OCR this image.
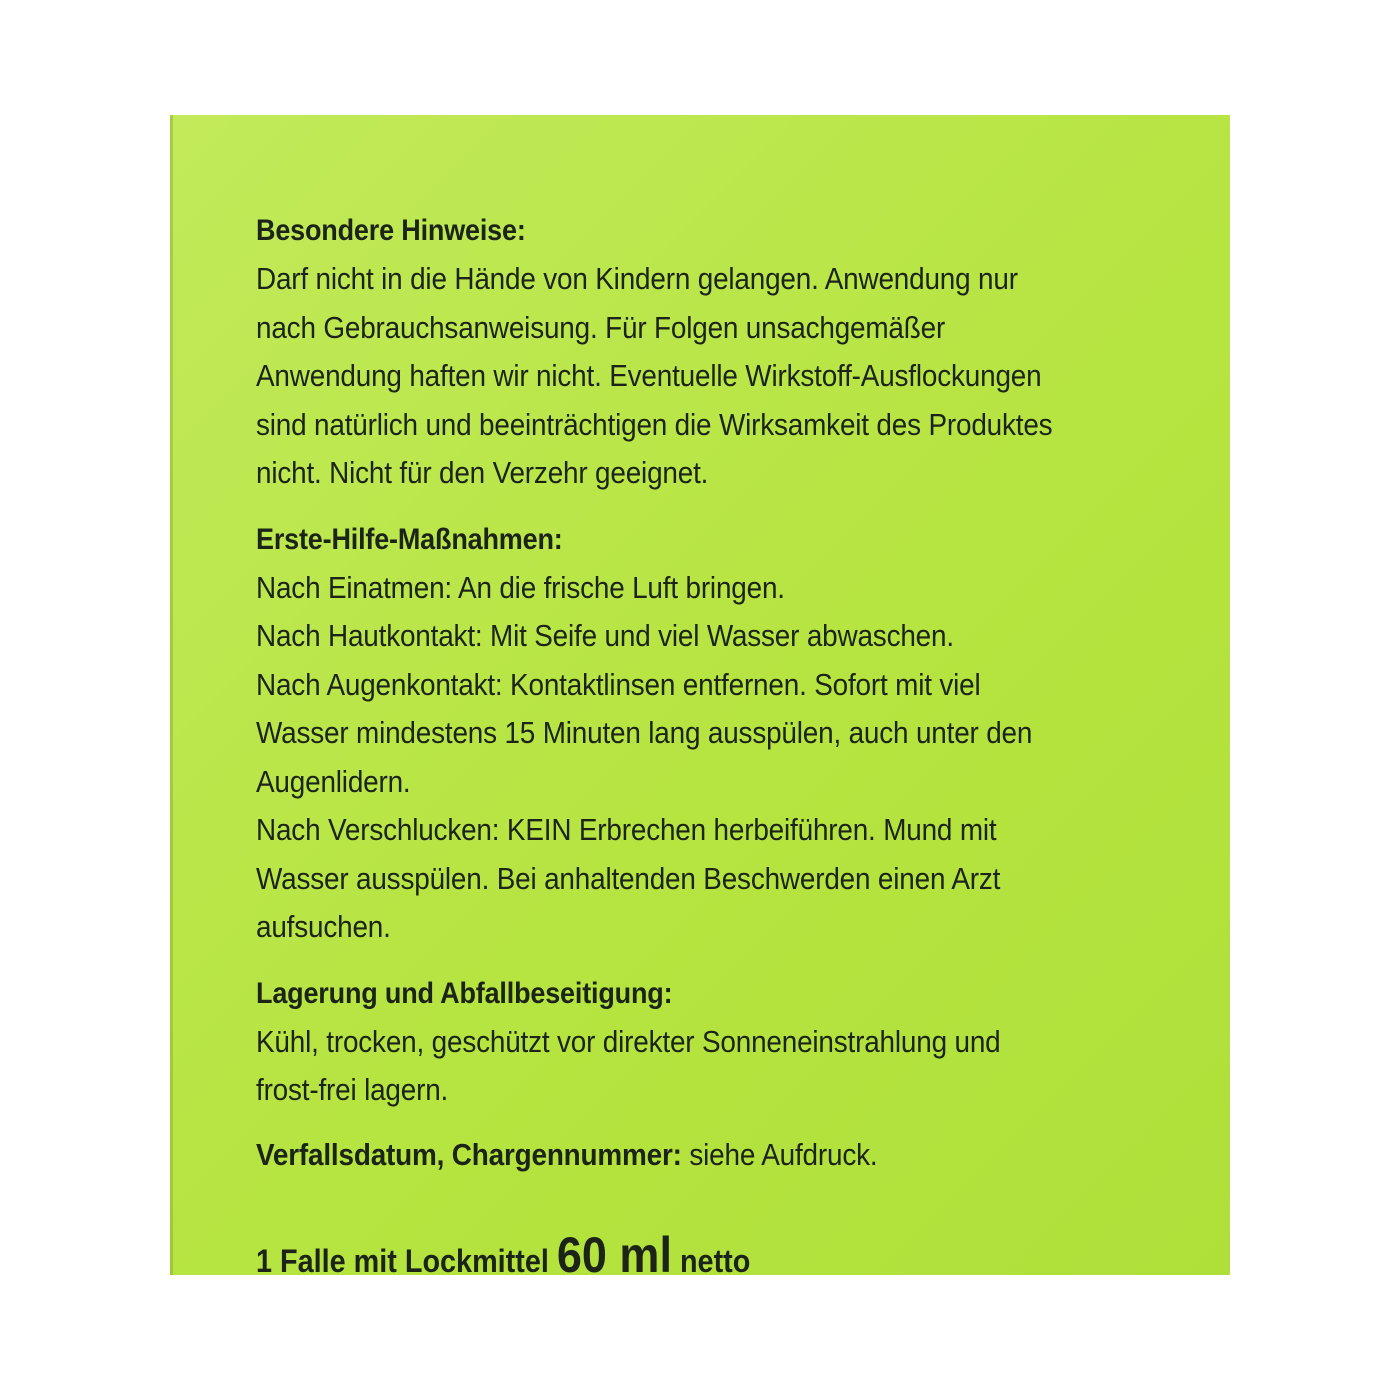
Besondere Hinweise:

Darf nicht in die Hände von Kindern gelangen. Anwendung nur nach Gebrauchsanweisung. Für Folgen unsachgemäßer Anwendung haften wir nicht. Eventuelle Wirkstoff-Ausflockungen sind natürlich und beeinträchtigen die Wirksamkeit des Produktes nicht. Nicht für den Verzehr geeignet.

Erste-Hilfe-Maßnahmen:

Nach Einatmen: An die frische Luft bringen.

Nach Hautkontakt: Mit Seife und viel Wasser abwaschen.

Nach Augenkontakt: Kontaktlinsen entfernen. Sofort mit viel Wasser mindestens 15 Minuten lang ausspülen, auch unter den Augenlidern.

Nach Verschlucken: KEIN Erbrechen herbeiführen. Mund mit Wasser ausspülen. Bei anhaltenden Beschwerden einen Arzt aufsuchen.

Lagerung und Abfallbeseitigung:

Kühl, trocken, geschützt vor direkter Sonneneinstrahlung und frost-frei lagern.

Verfallsdatum, Chargennummer: siehe Aufdruck.

1 Falle mit Lockmittel 60 ml netto
